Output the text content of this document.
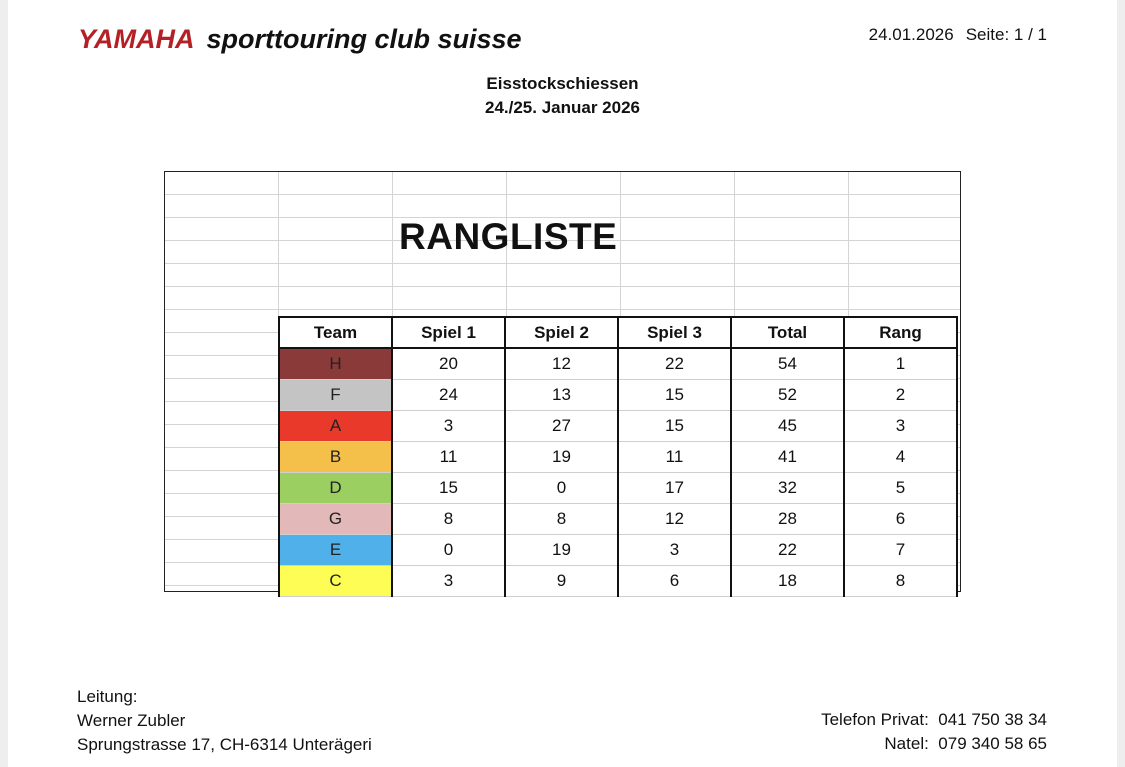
YAMAHA sporttouring club suisse	24.01.2026 Seite: 1 / 1
Eisstockschiessen
24./25. Januar 2026
RANGLISTE
Team	Spiel 1	Spiel 2	Spiel 3	Total	Rang
H	20	12	22	54	1
F	24	13	15	52	2
A	3	27	15	45	3
B	11	19	11	41	4
D	15	0	17	32	5
G	8	8	12	28	6
E	0	19	3	22	7
C	3	9	6	18	8
Leitung:
Werner Zubler
Sprungstrasse 17, CH-6314 Unterägeri
Telefon Privat: 041 750 38 34
Natel: 079 340 58 65
